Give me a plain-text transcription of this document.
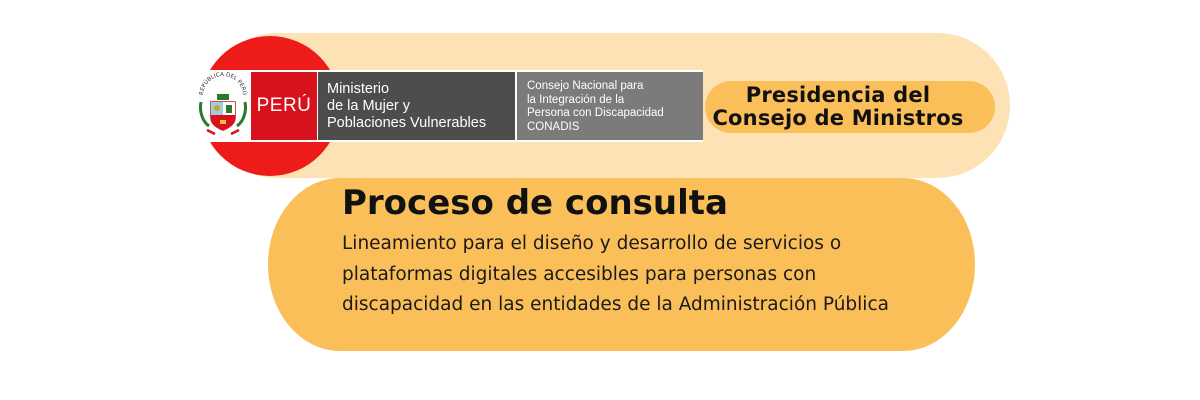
Presidencia del
Consejo de Ministros
REPÚBLICA DEL PERÚ
PERÚ
Ministerio
de la Mujer y
Poblaciones Vulnerables
Consejo Nacional para
la Integración de la
Persona con Discapacidad
CONADIS
Proceso de consulta

Lineamiento para el diseño y desarrollo de servicios o plataformas digitales accesibles para personas con discapacidad en las entidades de la Administración Pública
